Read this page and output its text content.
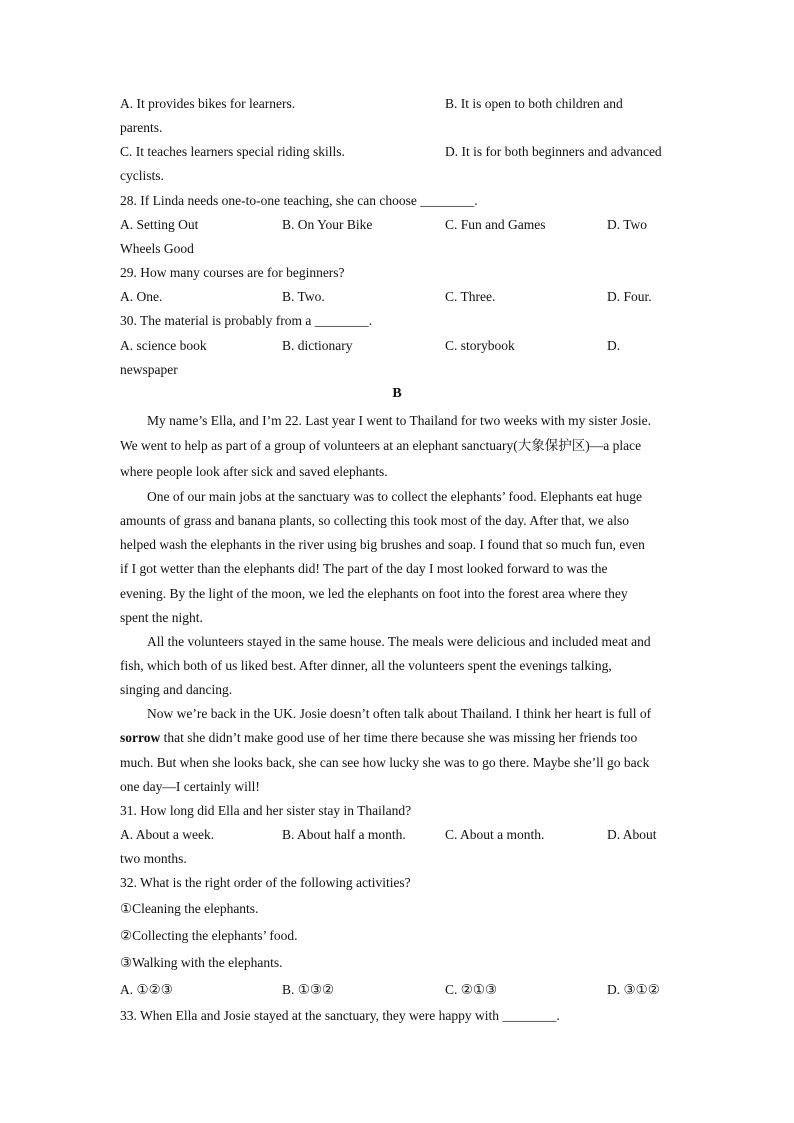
A. It provides bikes for learners.	B. It is open to both children and
parents.
C. It teaches learners special riding skills.	D. It is for both beginners and advanced
cyclists.
28. If Linda needs one-to-one teaching, she can choose ________.
A. Setting Out	B. On Your Bike	C. Fun and Games	D. Two
Wheels Good
29. How many courses are for beginners?
A. One.	B. Two.	C. Three.	D. Four.
30. The material is probably from a ________.
A. science book	B. dictionary	C. storybook	D.
newspaper
B
My name’s Ella, and I’m 22. Last year I went to Thailand for two weeks with my sister Josie.
We went to help as part of a group of volunteers at an elephant sanctuary(大象保护区)—a place
where people look after sick and saved elephants.
One of our main jobs at the sanctuary was to collect the elephants’ food. Elephants eat huge
amounts of grass and banana plants, so collecting this took most of the day. After that, we also
helped wash the elephants in the river using big brushes and soap. I found that so much fun, even
if I got wetter than the elephants did! The part of the day I most looked forward to was the
evening. By the light of the moon, we led the elephants on foot into the forest area where they
spent the night.
All the volunteers stayed in the same house. The meals were delicious and included meat and
fish, which both of us liked best. After dinner, all the volunteers spent the evenings talking,
singing and dancing.
Now we’re back in the UK. Josie doesn’t often talk about Thailand. I think her heart is full of
sorrow that she didn’t make good use of her time there because she was missing her friends too
much. But when she looks back, she can see how lucky she was to go there. Maybe she’ll go back
one day—I certainly will!
31. How long did Ella and her sister stay in Thailand?
A. About a week.	B. About half a month.	C. About a month.	D. About
two months.
32. What is the right order of the following activities?
①Cleaning the elephants.
②Collecting the elephants’ food.
③Walking with the elephants.
A. ①②③	B. ①③②	C. ②①③	D. ③①②
33. When Ella and Josie stayed at the sanctuary, they were happy with ________.
